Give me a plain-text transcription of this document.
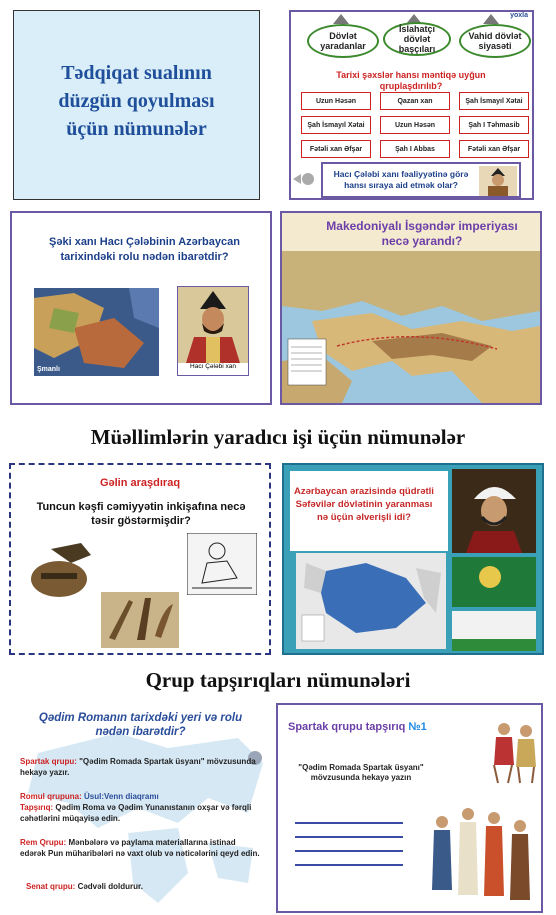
Tədqiqat sualının
düzgün qoyulması
üçün nümunələr
yoxla
Dövlət yaradanlar
İslahatçı dövlət başçıları
Vahid dövlət siyasəti
Tarixi şəxslər hansı məntiqə uyğun qruplaşdırılıb?
Uzun Həsən	Qazan xan	Şah İsmayıl Xətai
Şah İsmayıl Xətai	Uzun Həsən	Şah I Təhmasib
Fətəli xan Əfşar	Şah I Abbas	Fətəli xan Əfşar
Hacı Çələbi xanı fəaliyyətinə görə hansı sıraya aid etmək olar?
Şəki xanı Hacı Çələbinin Azərbaycan tarixindəki rolu nədən ibarətdir?
Şmanlı	Hacı Çələbi xan
Makedoniyalı İsgəndər imperiyası necə yarandı?
Müəllimlərin yaradıcı işi üçün nümunələr
Gəlin araşdıraq
Tuncun kəşfi cəmiyyətin inkişafına necə təsir göstərmişdir?
Azərbaycan ərazisində qüdrətli Səfəvilər dövlətinin yaranması nə üçün əlverişli idi?
Qrup tapşırıqları nümunələri
Qədim Romanın tarixdəki yeri və rolu nədən ibarətdir?
Spartak qrupu: "Qədim Romada Spartak üsyanı" mövzusunda hekayə yazır.
Romul qrupuna: Üsul:Venn diaqramı
Tapşırıq: Qədim Roma və Qədim Yunanıstanın oxşar və fərqli cəhətlərini müqayisə edin.
Rem Qrupu: Mənbələrə və paylama materiallarına istinad edərək Pun müharibələri nə vaxt olub və nəticələrini qeyd edin.
Senat qrupu: Cədvəli doldurur.
Spartak qrupu tapşırıq №1
"Qədim Romada Spartak üsyanı" mövzusunda hekayə yazın
